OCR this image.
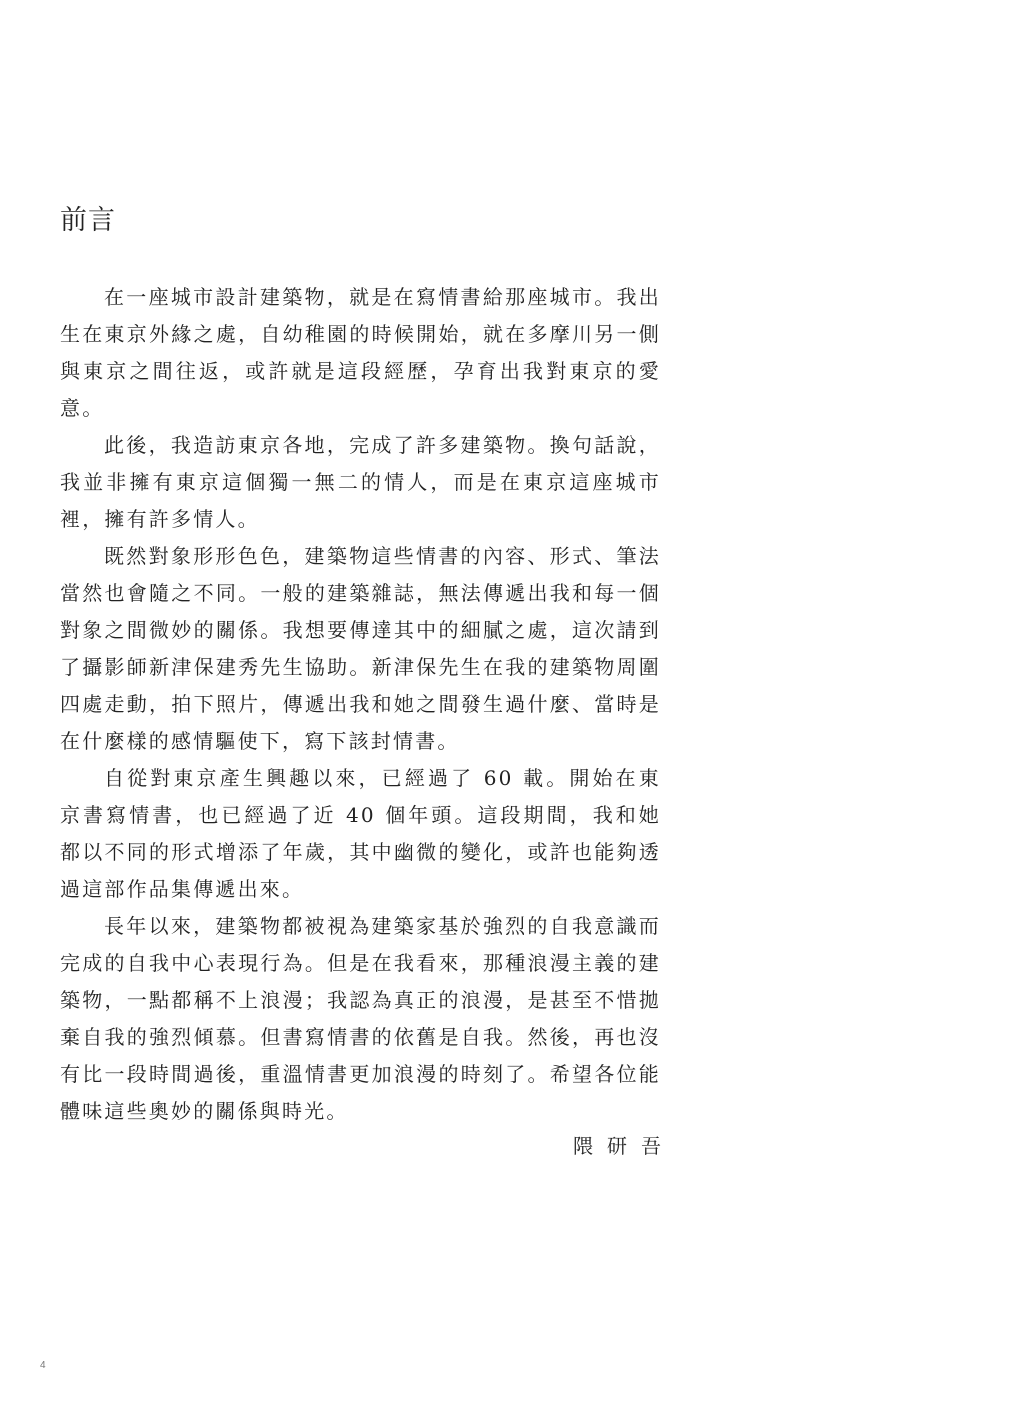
前言

在一座城市設計建築物，就是在寫情書給那座城市。我出生在東京外緣之處，自幼稚園的時候開始，就在多摩川另一側與東京之間往返，或許就是這段經歷，孕育出我對東京的愛意。

此後，我造訪東京各地，完成了許多建築物。換句話說，我並非擁有東京這個獨一無二的情人，而是在東京這座城市裡，擁有許多情人。

既然對象形形色色，建築物這些情書的內容、形式、筆法當然也會隨之不同。一般的建築雜誌，無法傳遞出我和每一個對象之間微妙的關係。我想要傳達其中的細膩之處，這次請到了攝影師新津保建秀先生協助。新津保先生在我的建築物周圍四處走動，拍下照片，傳遞出我和她之間發生過什麼、當時是在什麼樣的感情驅使下，寫下該封情書。

自從對東京產生興趣以來，已經過了 60 載。開始在東京書寫情書，也已經過了近 40 個年頭。這段期間，我和她都以不同的形式增添了年歲，其中幽微的變化，或許也能夠透過這部作品集傳遞出來。

長年以來，建築物都被視為建築家基於強烈的自我意識而完成的自我中心表現行為。但是在我看來，那種浪漫主義的建築物，一點都稱不上浪漫；我認為真正的浪漫，是甚至不惜拋棄自我的強烈傾慕。但書寫情書的依舊是自我。然後，再也沒有比一段時間過後，重溫情書更加浪漫的時刻了。希望各位能體味這些奧妙的關係與時光。

隈 研 吾
4
